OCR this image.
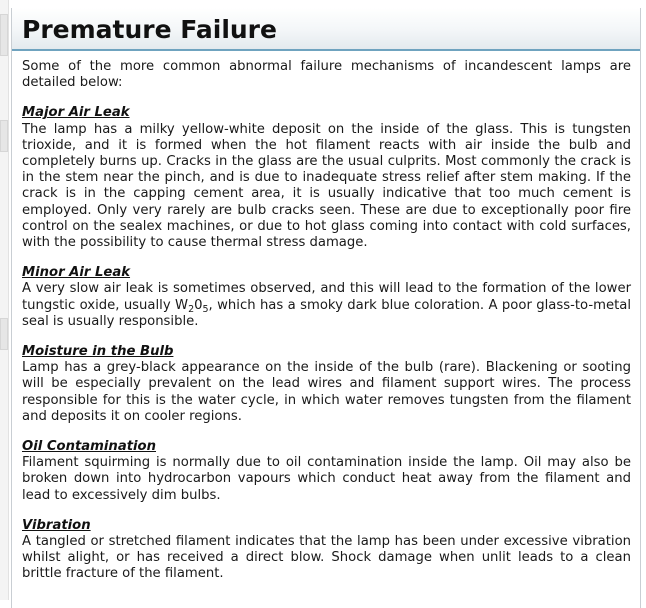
Premature Failure

Some of the more common abnormal failure mechanisms of incandescent lamps are detailed below:

Major Air Leak

The lamp has a milky yellow-white deposit on the inside of the glass. This is tungsten trioxide, and it is formed when the hot filament reacts with air inside the bulb and completely burns up. Cracks in the glass are the usual culprits. Most commonly the crack is in the stem near the pinch, and is due to inadequate stress relief after stem making. If the crack is in the capping cement area, it is usually indicative that too much cement is employed. Only very rarely are bulb cracks seen. These are due to exceptionally poor fire control on the sealex machines, or due to hot glass coming into contact with cold surfaces, with the possibility to cause thermal stress damage.

Minor Air Leak

A very slow air leak is sometimes observed, and this will lead to the formation of the lower tungstic oxide, usually $W_20_5$, which has a smoky dark blue coloration. A poor glass-to-metal seal is usually responsible.

Moisture in the Bulb

Lamp has a grey-black appearance on the inside of the bulb (rare). Blackening or sooting will be especially prevalent on the lead wires and filament support wires. The process responsible for this is the water cycle, in which water removes tungsten from the filament and deposits it on cooler regions.

Oil Contamination

Filament squirming is normally due to oil contamination inside the lamp. Oil may also be broken down into hydrocarbon vapours which conduct heat away from the filament and lead to excessively dim bulbs.

Vibration

A tangled or stretched filament indicates that the lamp has been under excessive vibration whilst alight, or has received a direct blow. Shock damage when unlit leads to a clean brittle fracture of the filament.
